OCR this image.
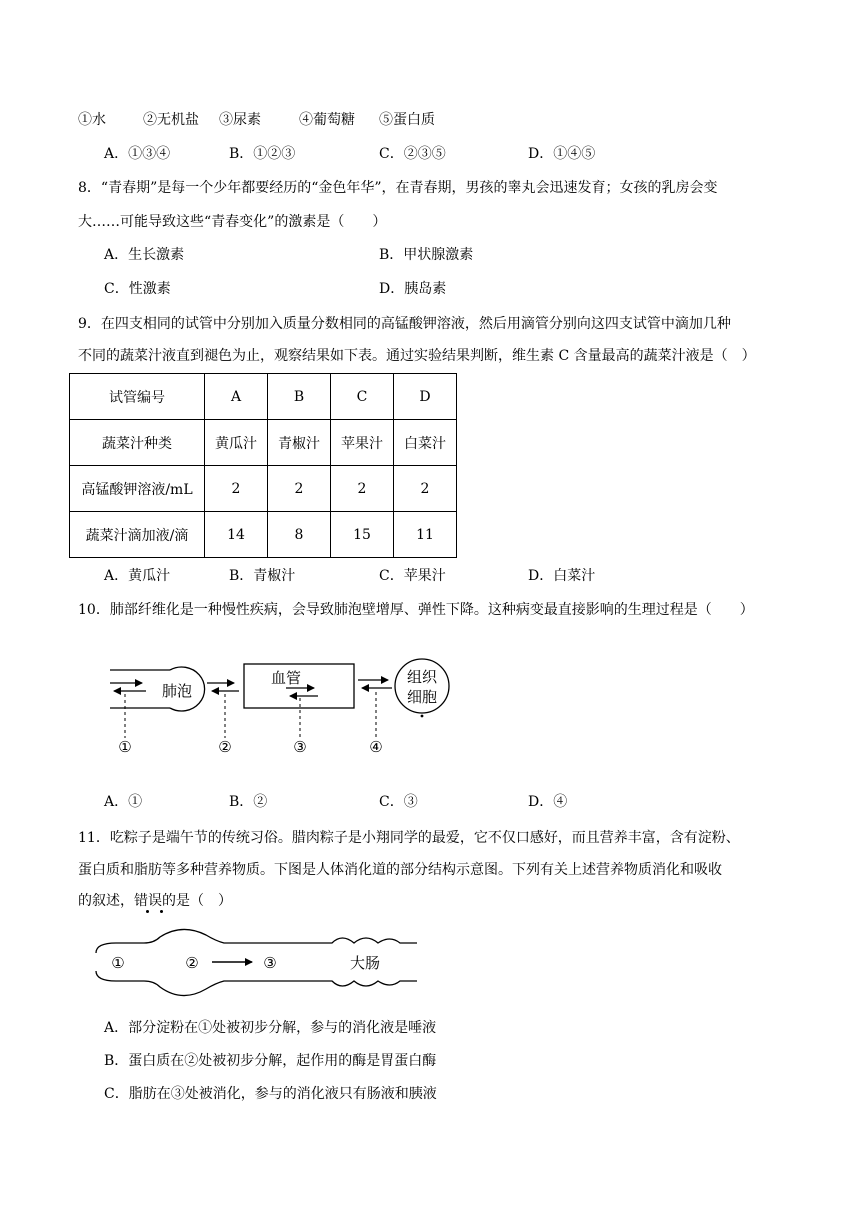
①水	②无机盐 ③尿素	④葡萄糖 ⑤蛋白质
A．①③④	B．①②③	C．②③⑤	D．①④⑤
8．“青春期”是每一个少年都要经历的“金色年华”，在青春期，男孩的睾丸会迅速发育；女孩的乳房会变
大……可能导致这些“青春变化”的激素是（　　）
A．生长激素	B．甲状腺激素
C．性激素	D．胰岛素
9．在四支相同的试管中分别加入质量分数相同的高锰酸钾溶液，然后用滴管分别向这四支试管中滴加几种
不同的蔬菜汁液直到褪色为止，观察结果如下表。通过实验结果判断，维生素 C 含量最高的蔬菜汁液是（　）
试管编号	A	B	C	D
蔬菜汁种类	黄瓜汁	青椒汁	苹果汁	白菜汁
高锰酸钾溶液/mL	2	2	2	2
蔬菜汁滴加液/滴	14	8	15	11
A．黄瓜汁	B．青椒汁	C．苹果汁	D．白菜汁
10．肺部纤维化是一种慢性疾病，会导致肺泡壁增厚、弹性下降。这种病变最直接影响的生理过程是（　　）
肺泡
①	②
血管
③	④
组织
细胞
A．①	B．②	C．③	D．④
11．吃粽子是端午节的传统习俗。腊肉粽子是小翔同学的最爱，它不仅口感好，而且营养丰富，含有淀粉、
蛋白质和脂肪等多种营养物质。下图是人体消化道的部分结构示意图。下列有关上述营养物质消化和吸收
的叙述，错误的是（　）
①	②	③	大肠
A．部分淀粉在①处被初步分解，参与的消化液是唾液
B．蛋白质在②处被初步分解，起作用的酶是胃蛋白酶
C．脂肪在③处被消化，参与的消化液只有肠液和胰液
